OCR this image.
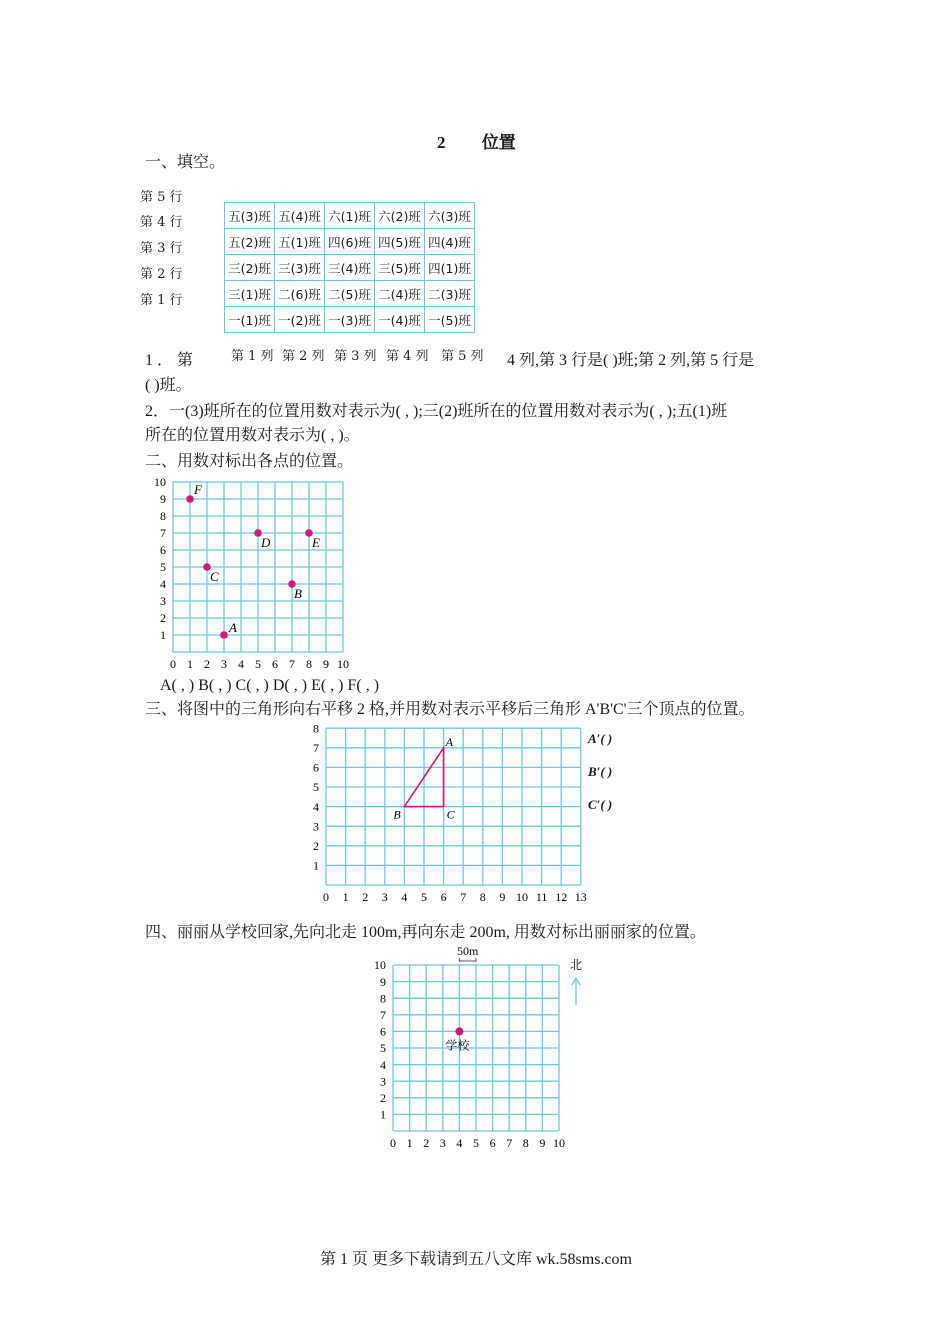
2 位置
一、填空。
第 5 行
第 4 行
第 3 行
第 2 行
第 1 行
五(3)班	五(4)班	六(1)班	六(2)班	六(3)班
五(2)班	五(1)班	四(6)班	四(5)班	四(4)班
三(2)班	三(3)班	三(4)班	三(5)班	四(1)班
三(1)班	二(6)班	二(5)班	二(4)班	二(3)班
一(1)班	一(2)班	一(3)班	一(4)班	一(5)班
第 1 列 第 2 列 第 3 列 第 4 列 第 5 列
1 ． 第	4 列,第 3 行是( )班;第 2 列,第 5 行是
( )班。
2．一(3)班所在的位置用数对表示为( , );三(2)班所在的位置用数对表示为( , );五(1)班
所在的位置用数对表示为( , )。
二、用数对标出各点的位置。
0 1 2 3 4 5 6 7 8 9 10
1
2
3
4
5
6
7
8
9
10 F
D	E
C
B
A
A( , ) B( , ) C( , ) D( , ) E( , ) F( , )
三、将图中的三角形向右平移 2 格,并用数对表示平移后三角形 A'B'C'三个顶点的位置。
0 1 2 3 4 5 6 7 8 9 10 11 12 13
1
2
3
4
5
6
7
8
A
B	C
A′( )
B′( )
C′( )
四、丽丽从学校回家,先向北走 100m,再向东走 200m, 用数对标出丽丽家的位置。
0 1 2 3 4 5 6 7 8 9 10
1
2
3
4
5
6
7
8
9
10
50m
北
学校
第 1 页 更多下载请到五八文库 wk.58sms.com
